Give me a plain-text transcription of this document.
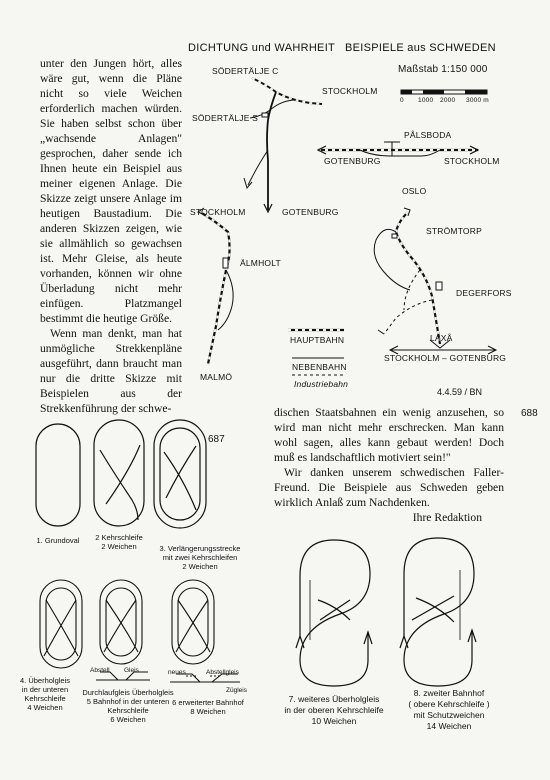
DICHTUNG und WAHRHEIT BEISPIELE aus SCHWEDEN

unter den Jungen hört, alles wäre gut, wenn die Pläne nicht so viele Weichen erforderlich machen würden. Sie haben selbst schon über „wachsende Anlagen" gesprochen, daher sende ich Ihnen heute ein Beispiel aus meiner eigenen Anlage. Die Skizze zeigt unsere Anlage im heutigen Baustadium. Die anderen Skizzen zeigen, wie sie allmählich so gewachsen ist. Mehr Gleise, als heute vorhanden, können wir ohne Überladung nicht mehr einfügen. Platzmangel bestimmt die heutige Größe.

Wenn man denkt, man hat unmögliche Strekkenpläne ausgeführt, dann braucht man nur die dritte Skizze mit Beispielen aus der Strekkenführung der schwe-

SÖDERTÄLJE C
STOCKHOLM
SÖDERTÄLJE S
Maßstab 1:150 000
0 1000 2000 3000 m
PÅLSBODA
GOTENBURG	STOCKHOLM
OSLO
STOCKHOLM	GOTENBURG
STRÖMTORP
ÄLMHOLT
DEGERFORS
LAXÅ
STOCKHOLM – GOTENBURG
MALMÖ
HAUPTBAHN
NEBENBAHN
Industriebahn
4.4.59 / BN
688
687

dischen Staatsbahnen ein wenig anzusehen, so wird man nicht mehr erschrecken. Man kann wohl sagen, alles kann gebaut werden! Doch muß es landschaftlich motiviert sein!"

Wir danken unserem schwedischen Faller-Freund. Die Beispiele aus Schweden geben wirklich Anlaß zum Nachdenken.

Ihre Redaktion

1. Grundoval	2 Kehrschleife
2 Weichen	3. Verlängerungsstrecke
mit zwei Kehrschleifen
2 Weichen
Abstell Gleis	neues	Abstellgleis
Zügleis
4. Überholgleis
in der unteren
Kehrschleife
4 Weichen
Durchlaufgleis Überholgleis
5 Bahnhof in der unteren
Kehrschleife
6 Weichen
6 erweiterter Bahnhof
8 Weichen
7. weiteres Überholgleis
in der oberen Kehrschleife
10 Weichen
8. zweiter Bahnhof
( obere Kehrschleife )
mit Schutzweichen
14 Weichen
